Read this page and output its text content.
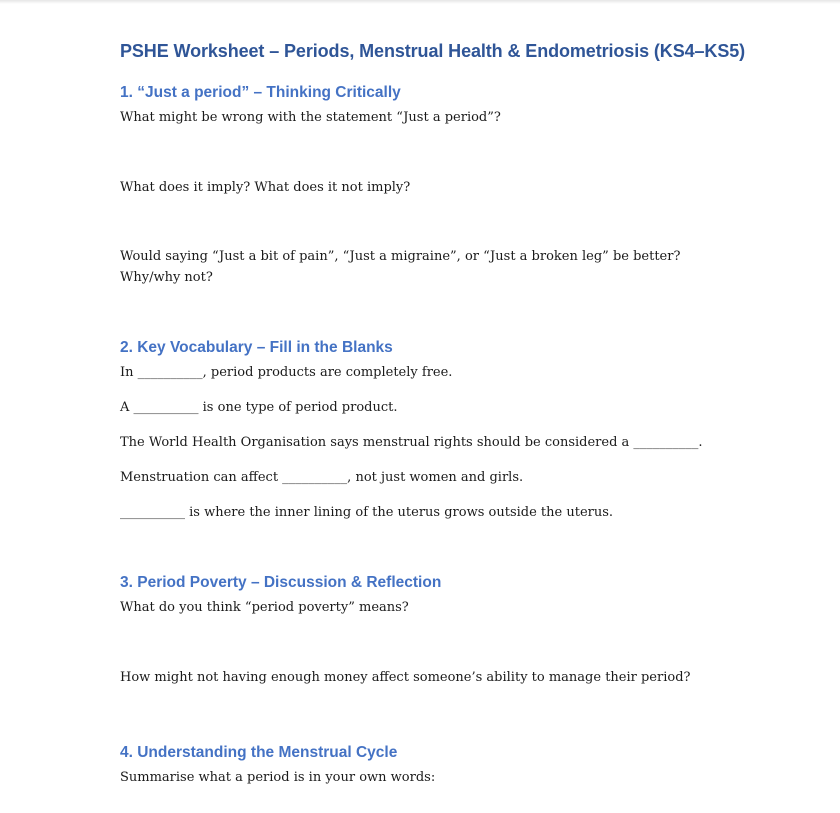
PSHE Worksheet – Periods, Menstrual Health & Endometriosis (KS4–KS5)
1. “Just a period” – Thinking Critically
What might be wrong with the statement “Just a period”?
What does it imply? What does it not imply?
Would saying “Just a bit of pain”, “Just a migraine”, or “Just a broken leg” be better?
Why/why not?
2. Key Vocabulary – Fill in the Blanks
In __________, period products are completely free.
A __________ is one type of period product.
The World Health Organisation says menstrual rights should be considered a __________.
Menstruation can affect __________, not just women and girls.
__________ is where the inner lining of the uterus grows outside the uterus.
3. Period Poverty – Discussion & Reflection
What do you think “period poverty” means?
How might not having enough money affect someone’s ability to manage their period?
4. Understanding the Menstrual Cycle
Summarise what a period is in your own words:
